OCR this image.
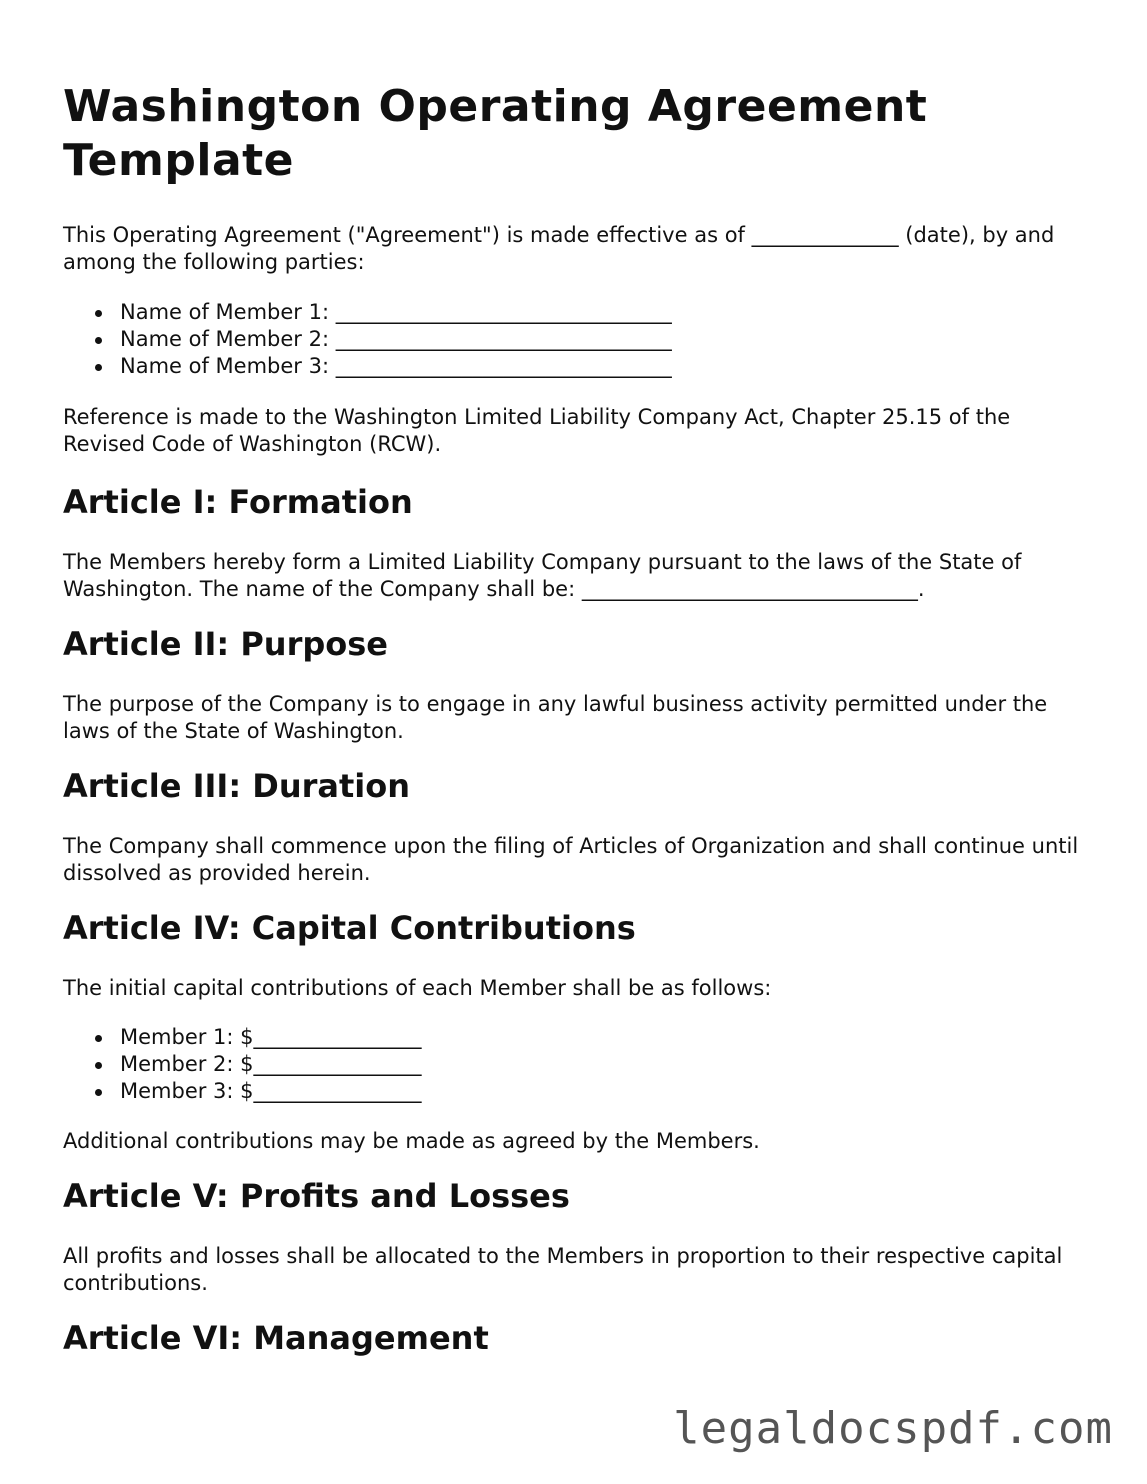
Washington Operating Agreement Template

This Operating Agreement ("Agreement") is made effective as of ______________ (date), by and among the following parties:

Name of Member 1: ________________________________
Name of Member 2: ________________________________
Name of Member 3: ________________________________

Reference is made to the Washington Limited Liability Company Act, Chapter 25.15 of the Revised Code of Washington (RCW).

Article I: Formation

The Members hereby form a Limited Liability Company pursuant to the laws of the State of Washington. The name of the Company shall be: ________________________________.

Article II: Purpose

The purpose of the Company is to engage in any lawful business activity permitted under the laws of the State of Washington.

Article III: Duration

The Company shall commence upon the filing of Articles of Organization and shall continue until dissolved as provided herein.

Article IV: Capital Contributions

The initial capital contributions of each Member shall be as follows:

Member 1: $________________
Member 2: $________________
Member 3: $________________

Additional contributions may be made as agreed by the Members.

Article V: Profits and Losses

All profits and losses shall be allocated to the Members in proportion to their respective capital contributions.

Article VI: Management
legaldocspdf.com
